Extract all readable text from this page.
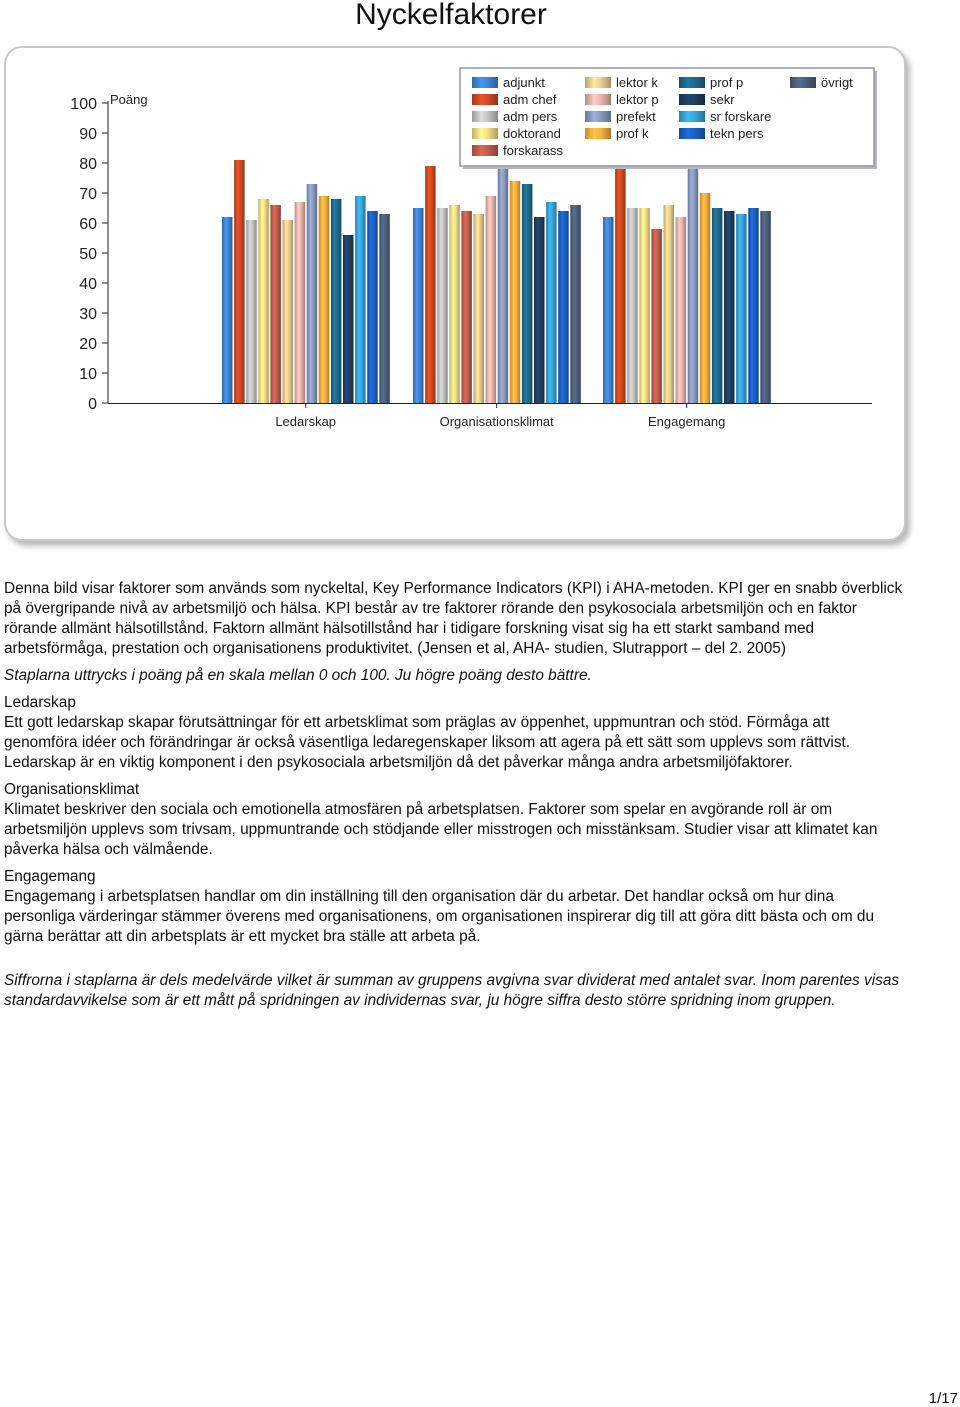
Nyckelfaktorer
0
10
20
30
40
50
60
70
80
90
100 Poäng
Ledarskap	Organisationsklimat	Engagemang
adjunkt
adm chef
adm pers
doktorand
forskarass
lektor k
lektor p
prefekt
prof k
prof p
sekr
sr forskare
tekn pers
övrigt

Denna bild visar faktorer som används som nyckeltal, Key Performance Indicators (KPI) i AHA-metoden. KPI ger en snabb överblick på övergripande nivå av arbetsmiljö och hälsa. KPI består av tre faktorer rörande den psykosociala arbetsmiljön och en faktor rörande allmänt hälsotillstånd. Faktorn allmänt hälsotillstånd har i tidigare forskning visat sig ha ett starkt samband med arbetsförmåga, prestation och organisationens produktivitet. (Jensen et al, AHA- studien, Slutrapport – del 2. 2005)

Staplarna uttrycks i poäng på en skala mellan 0 och 100. Ju högre poäng desto bättre.

Ledarskap

Ett gott ledarskap skapar förutsättningar för ett arbetsklimat som präglas av öppenhet, uppmuntran och stöd. Förmåga att genomföra idéer och förändringar är också väsentliga ledaregenskaper liksom att agera på ett sätt som upplevs som rättvist. Ledarskap är en viktig komponent i den psykosociala arbetsmiljön då det påverkar många andra arbetsmiljöfaktorer.

Organisationsklimat

Klimatet beskriver den sociala och emotionella atmosfären på arbetsplatsen. Faktorer som spelar en avgörande roll är om arbetsmiljön upplevs som trivsam, uppmuntrande och stödjande eller misstrogen och misstänksam. Studier visar att klimatet kan påverka hälsa och välmående.

Engagemang

Engagemang i arbetsplatsen handlar om din inställning till den organisation där du arbetar. Det handlar också om hur dina personliga värderingar stämmer överens med organisationens, om organisationen inspirerar dig till att göra ditt bästa och om du gärna berättar att din arbetsplats är ett mycket bra ställe att arbeta på.

Siffrorna i staplarna är dels medelvärde vilket är summan av gruppens avgivna svar dividerat med antalet svar. Inom parentes visas standardavvikelse som är ett mått på spridningen av individernas svar, ju högre siffra desto större spridning inom gruppen.

1/17
